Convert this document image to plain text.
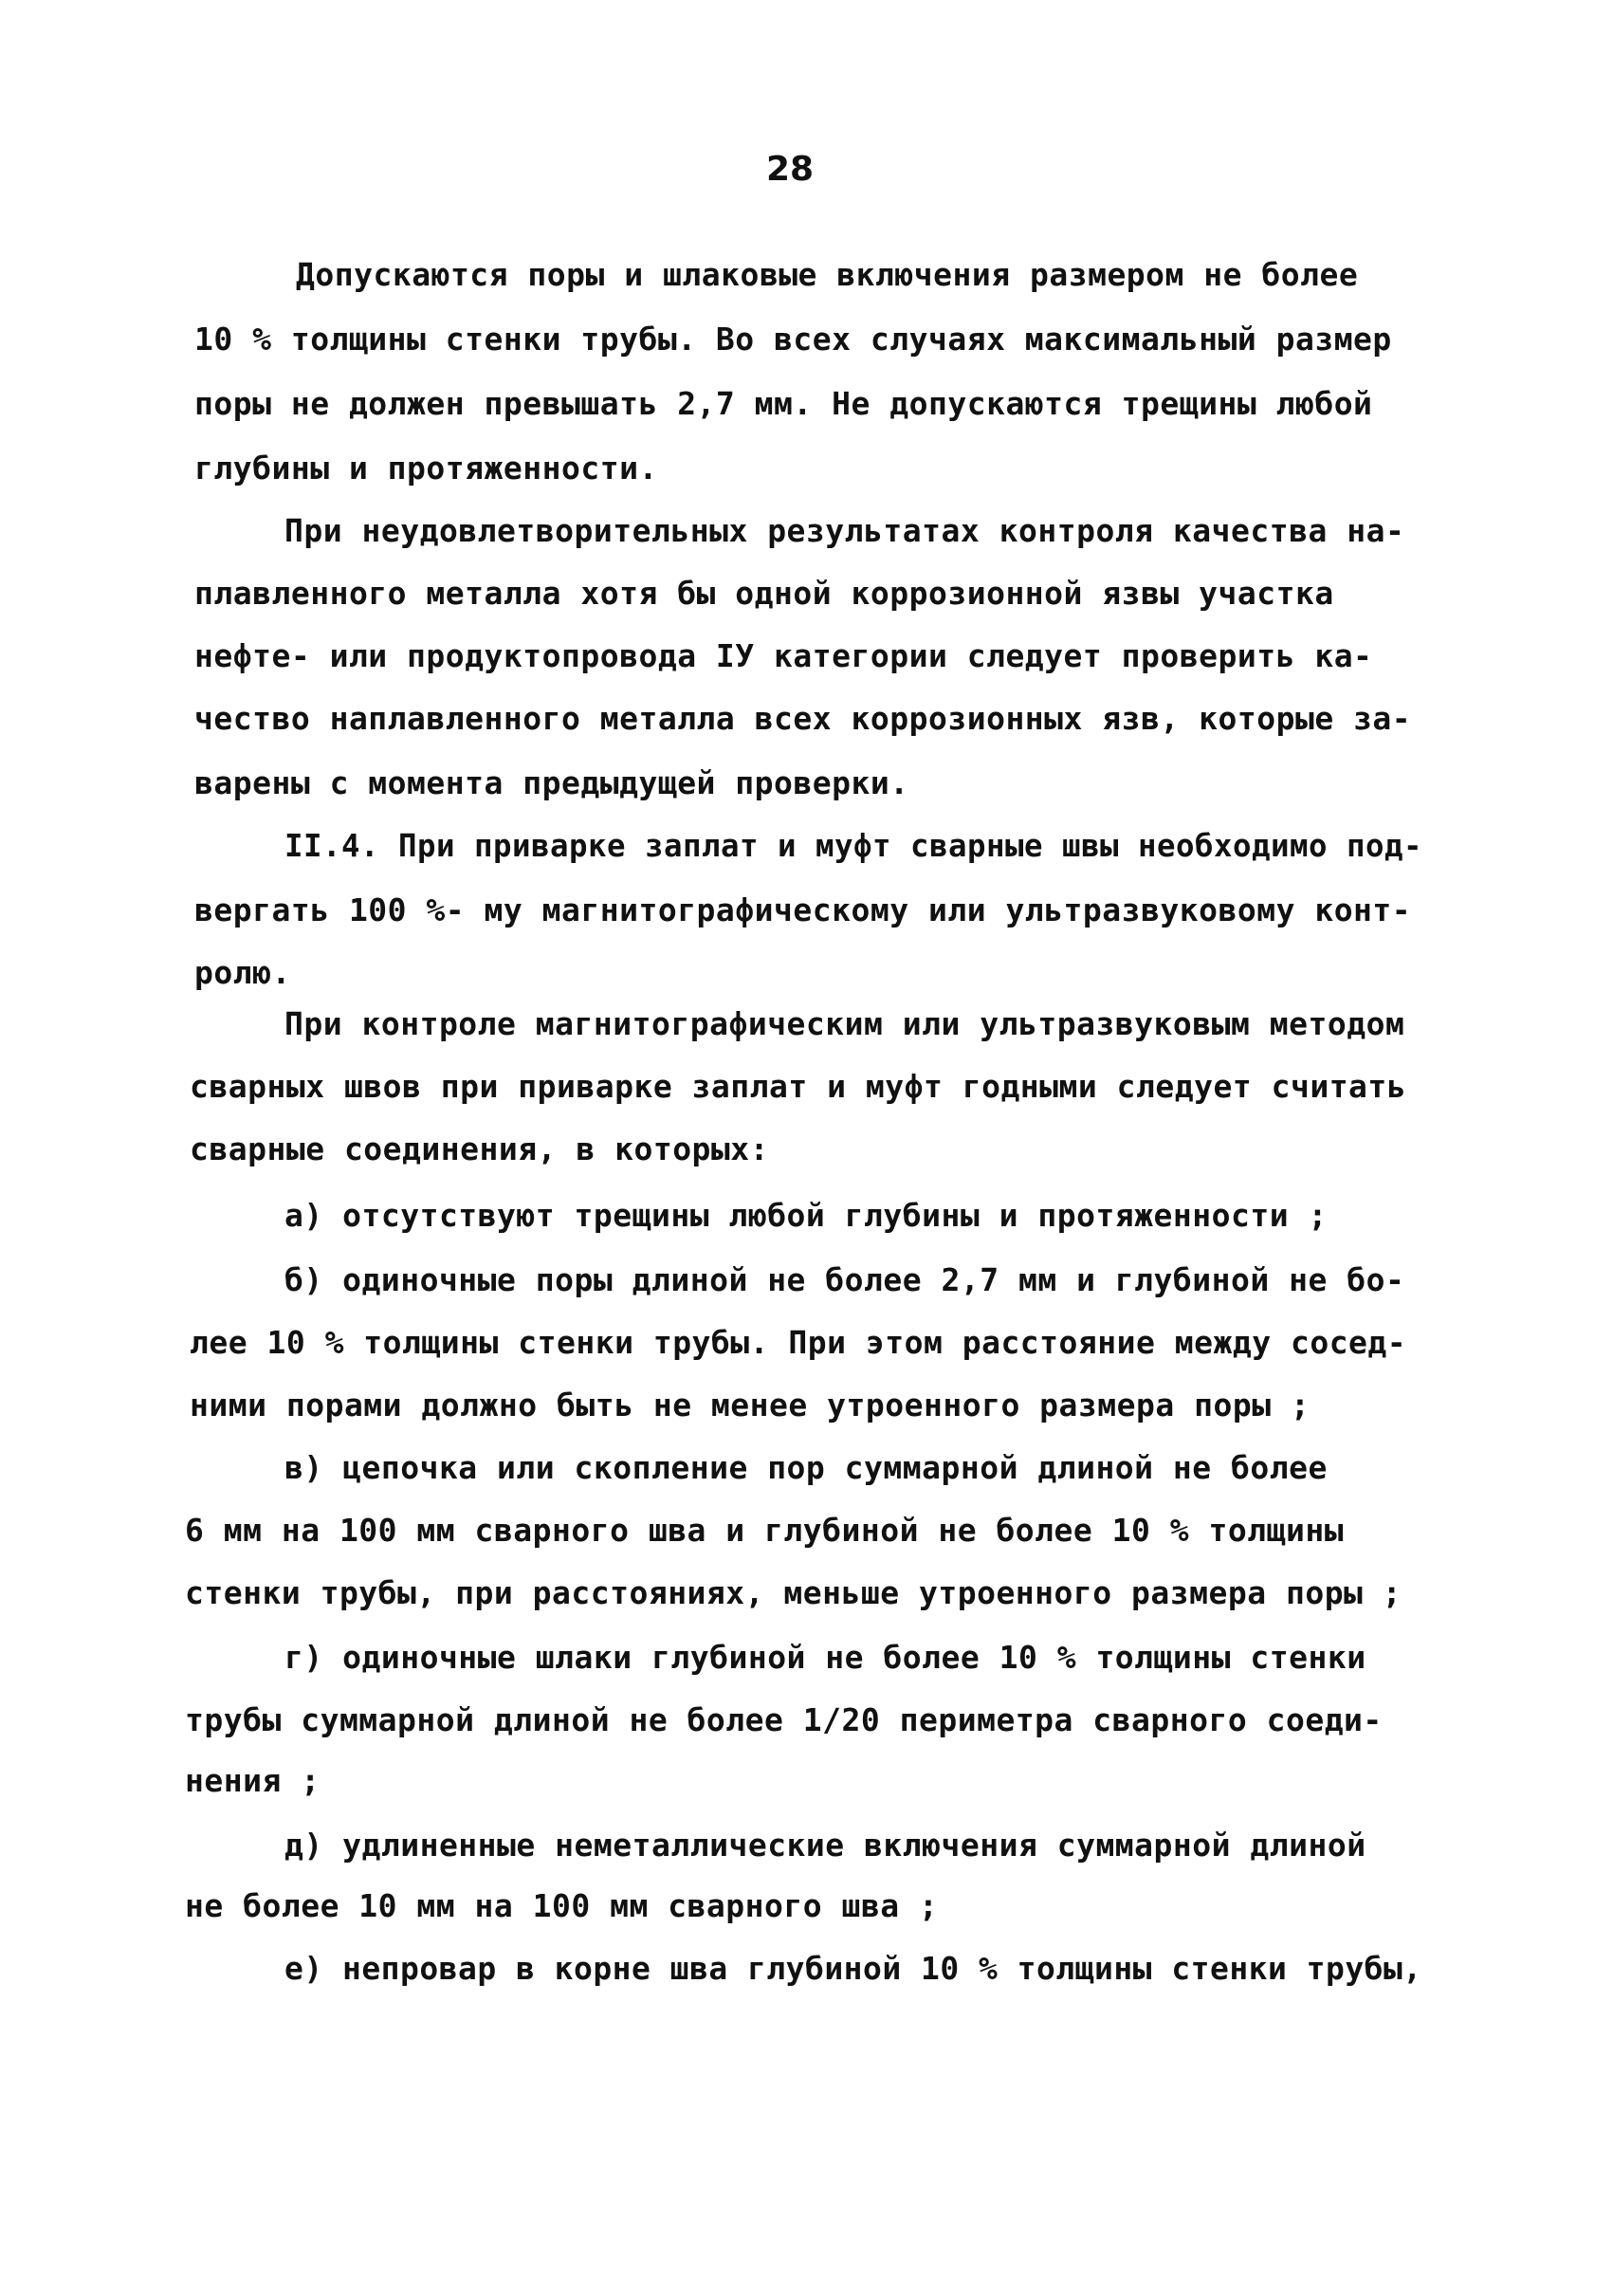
28
Допускаются поры и шлаковые включения размером не более
10 % толщины стенки трубы. Во всех случаях максимальный размер
поры не должен превышать 2,7 мм. Не допускаются трещины любой
глубины и протяженности.
При неудовлетворительных результатах контроля качества на-
плавленного металла хотя бы одной коррозионной язвы участка
нефте- или продуктопровода IУ категории следует проверить ка-
чество наплавленного металла всех коррозионных язв, которые за-
варены с момента предыдущей проверки.
II.4. При приварке заплат и муфт сварные швы необходимо под-
вергать 100 %- му магнитографическому или ультразвуковому конт-
ролю.
При контроле магнитографическим или ультразвуковым методом
сварных швов при приварке заплат и муфт годными следует считать
сварные соединения, в которых:
а) отсутствуют трещины любой глубины и протяженности ;
б) одиночные поры длиной не более 2,7 мм и глубиной не бо-
лее 10 % толщины стенки трубы. При этом расстояние между сосед-
ними порами должно быть не менее утроенного размера поры ;
в) цепочка или скопление пор суммарной длиной не более
6 мм на 100 мм сварного шва и глубиной не более 10 % толщины
стенки трубы, при расстояниях, меньше утроенного размера поры ;
г) одиночные шлаки глубиной не более 10 % толщины стенки
трубы суммарной длиной не более 1/20 периметра сварного соеди-
нения ;
д) удлиненные неметаллические включения суммарной длиной
не более 10 мм на 100 мм сварного шва ;
е) непровар в корне шва глубиной 10 % толщины стенки трубы,
